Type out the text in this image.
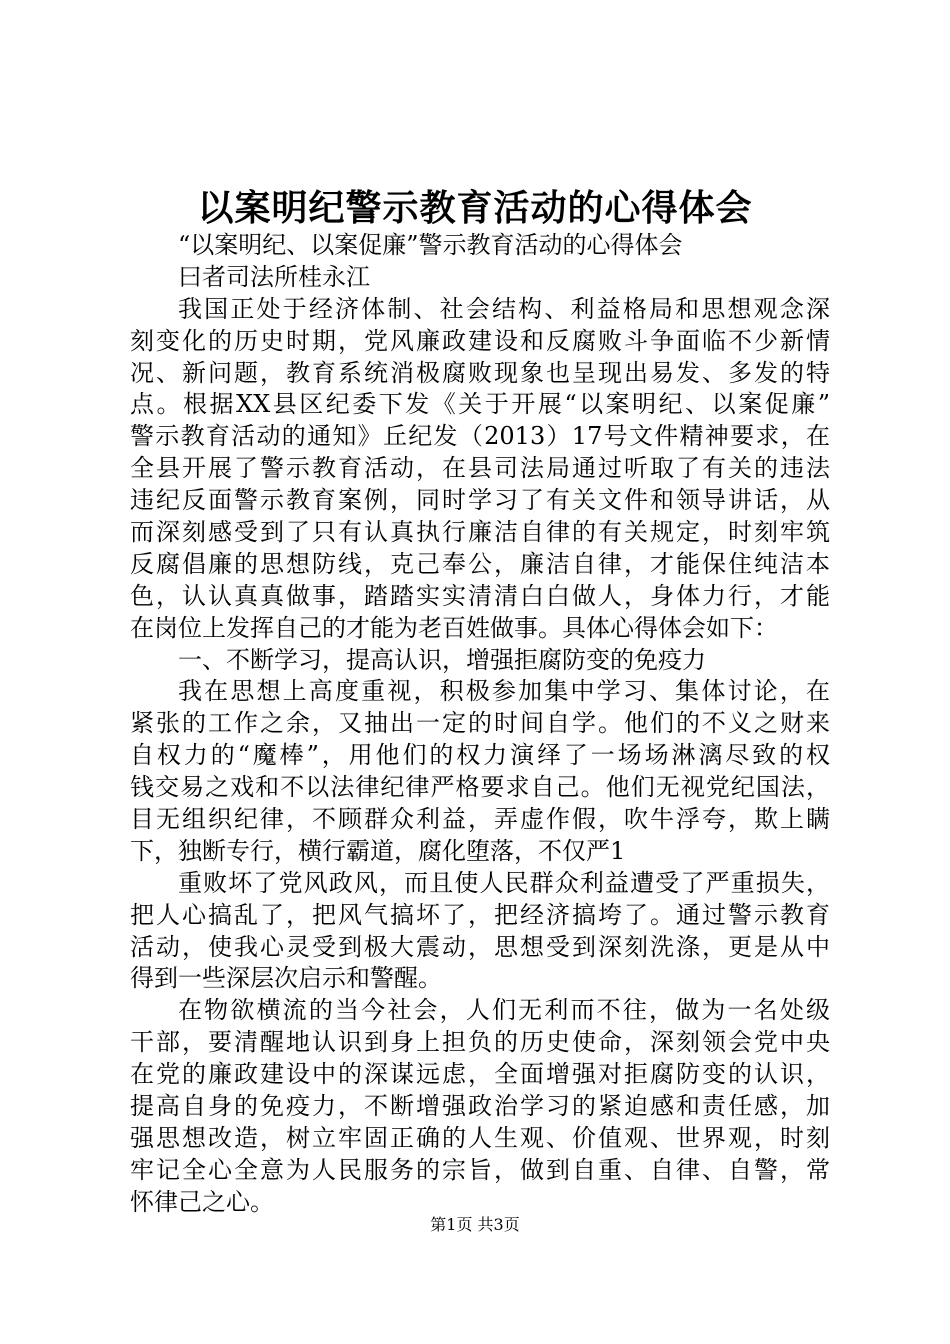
以案明纪警示教育活动的心得体会
“以案明纪、以案促廉”警示教育活动的心得体会
曰者司法所桂永江
我国正处于经济体制、社会结构、利益格局和思想观念深
刻变化的历史时期，党风廉政建设和反腐败斗争面临不少新情
况、新问题，教育系统消极腐败现象也呈现出易发、多发的特
点。根据XX县区纪委下发《关于开展“以案明纪、以案促廉”
警示教育活动的通知》丘纪发（2013）17号文件精神要求，在
全县开展了警示教育活动，在县司法局通过听取了有关的违法
违纪反面警示教育案例，同时学习了有关文件和领导讲话，从
而深刻感受到了只有认真执行廉洁自律的有关规定，时刻牢筑
反腐倡廉的思想防线，克己奉公，廉洁自律，才能保住纯洁本
色，认认真真做事，踏踏实实清清白白做人，身体力行，才能
在岗位上发挥自己的才能为老百姓做事。具体心得体会如下：
一、不断学习，提高认识，增强拒腐防变的免疫力
我在思想上高度重视，积极参加集中学习、集体讨论，在
紧张的工作之余，又抽出一定的时间自学。他们的不义之财来
自权力的“魔棒”，用他们的权力演绎了一场场淋漓尽致的权
钱交易之戏和不以法律纪律严格要求自己。他们无视党纪国法，
目无组织纪律，不顾群众利益，弄虚作假，吹牛浮夸，欺上瞒
下，独断专行，横行霸道，腐化堕落，不仅严1
重败坏了党风政风，而且使人民群众利益遭受了严重损失，
把人心搞乱了，把风气搞坏了，把经济搞垮了。通过警示教育
活动，使我心灵受到极大震动，思想受到深刻洗涤，更是从中
得到一些深层次启示和警醒。
在物欲横流的当今社会，人们无利而不往，做为一名处级
干部，要清醒地认识到身上担负的历史使命，深刻领会党中央
在党的廉政建设中的深谋远虑，全面增强对拒腐防变的认识，
提高自身的免疫力，不断增强政治学习的紧迫感和责任感，加
强思想改造，树立牢固正确的人生观、价值观、世界观，时刻
牢记全心全意为人民服务的宗旨，做到自重、自律、自警，常
怀律己之心。
第1页 共3页
